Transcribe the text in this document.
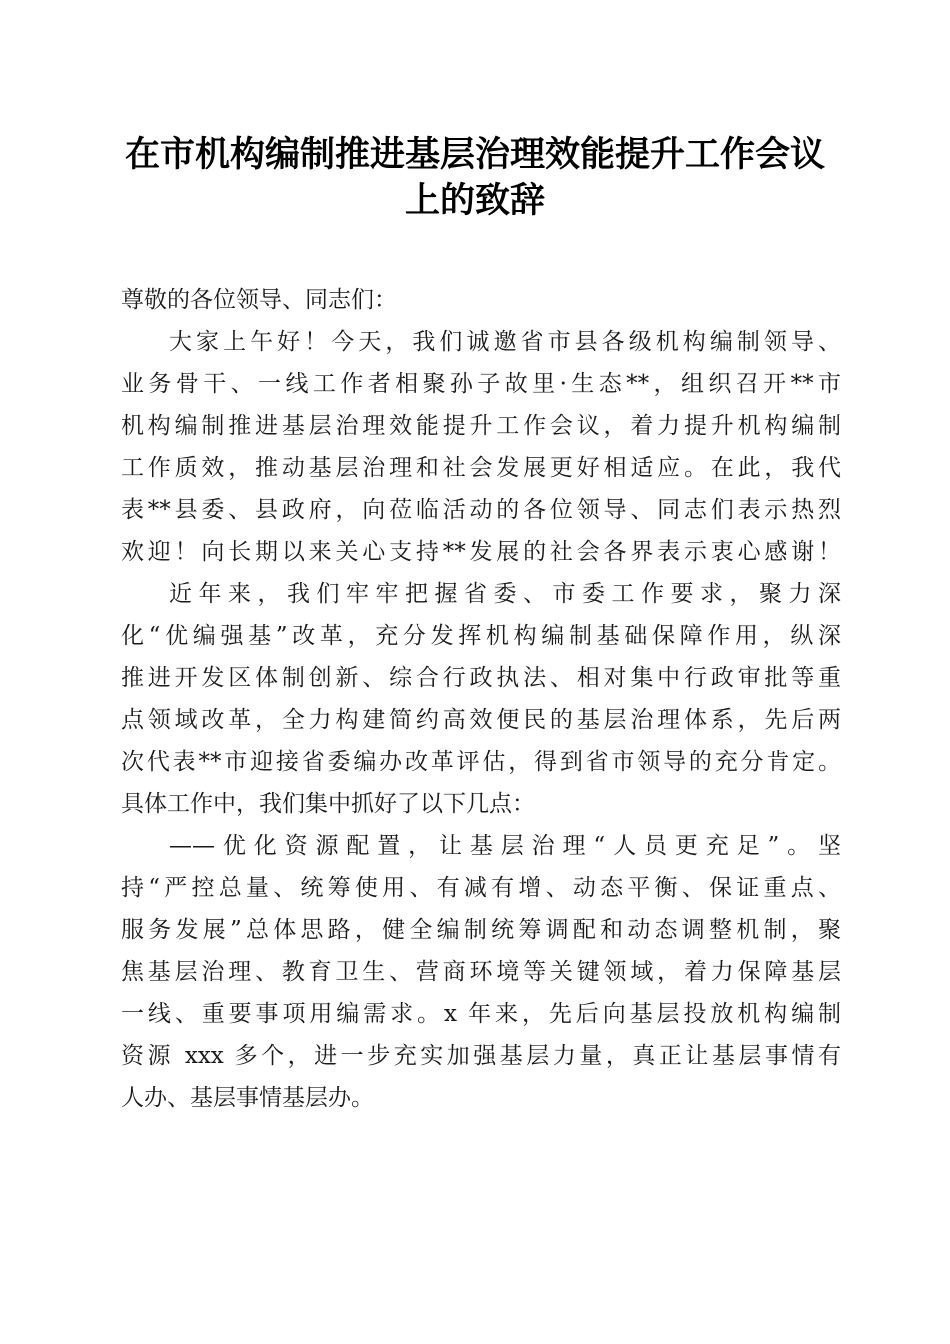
在市机构编制推进基层治理效能提升工作会议
上的致辞
尊敬的各位领导、同志们：
大家上午好！今天，我们诚邀省市县各级机构编制领导、
业务骨干、一线工作者相聚孙子故里·生态**，组织召开**市
机构编制推进基层治理效能提升工作会议，着力提升机构编制
工作质效，推动基层治理和社会发展更好相适应。在此，我代
表**县委、县政府，向莅临活动的各位领导、同志们表示热烈
欢迎！向长期以来关心支持**发展的社会各界表示衷心感谢！
近年来，我们牢牢把握省委、市委工作要求，聚力深
化“优编强基”改革，充分发挥机构编制基础保障作用，纵深
推进开发区体制创新、综合行政执法、相对集中行政审批等重
点领域改革，全力构建简约高效便民的基层治理体系，先后两
次代表**市迎接省委编办改革评估，得到省市领导的充分肯定。
具体工作中，我们集中抓好了以下几点：
——优化资源配置，让基层治理“人员更充足”。坚
持“严控总量、统筹使用、有减有增、动态平衡、保证重点、
服务发展”总体思路，健全编制统筹调配和动态调整机制，聚
焦基层治理、教育卫生、营商环境等关键领域，着力保障基层
一线、重要事项用编需求。x 年来，先后向基层投放机构编制
资源 xxx 多个，进一步充实加强基层力量，真正让基层事情有
人办、基层事情基层办。
